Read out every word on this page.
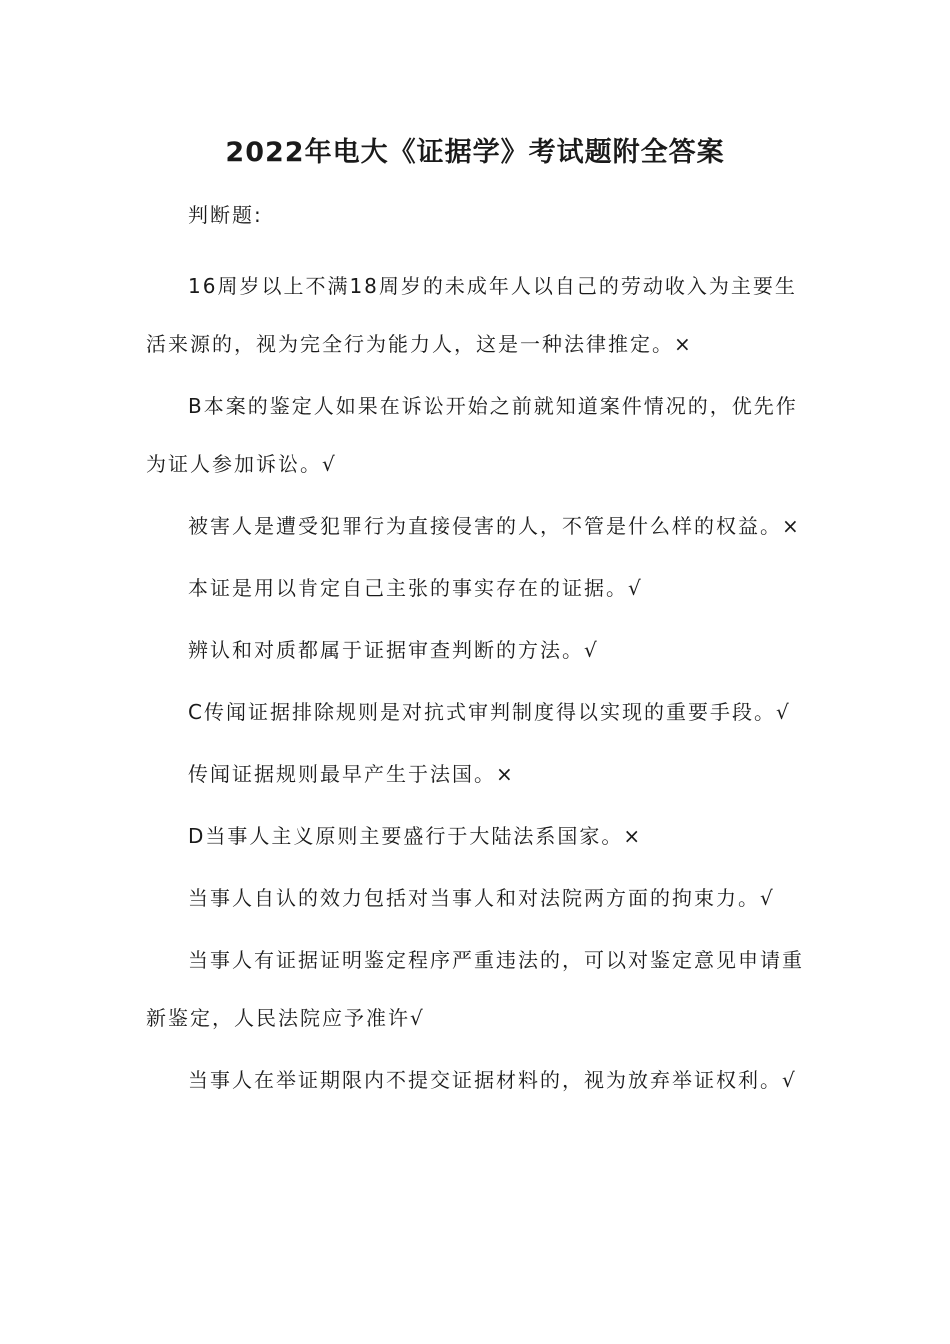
2022年电大《证据学》考试题附全答案

判断题:

16周岁以上不满18周岁的未成年人以自己的劳动收入为主要生活来源的，视为完全行为能力人，这是一种法律推定。×

B本案的鉴定人如果在诉讼开始之前就知道案件情况的，优先作为证人参加诉讼。√

被害人是遭受犯罪行为直接侵害的人，不管是什么样的权益。×

本证是用以肯定自己主张的事实存在的证据。√

辨认和对质都属于证据审查判断的方法。√

C传闻证据排除规则是对抗式审判制度得以实现的重要手段。√

传闻证据规则最早产生于法国。×

D当事人主义原则主要盛行于大陆法系国家。×

当事人自认的效力包括对当事人和对法院两方面的拘束力。√

当事人有证据证明鉴定程序严重违法的，可以对鉴定意见申请重新鉴定，人民法院应予准许√

当事人在举证期限内不提交证据材料的，视为放弃举证权利。√
